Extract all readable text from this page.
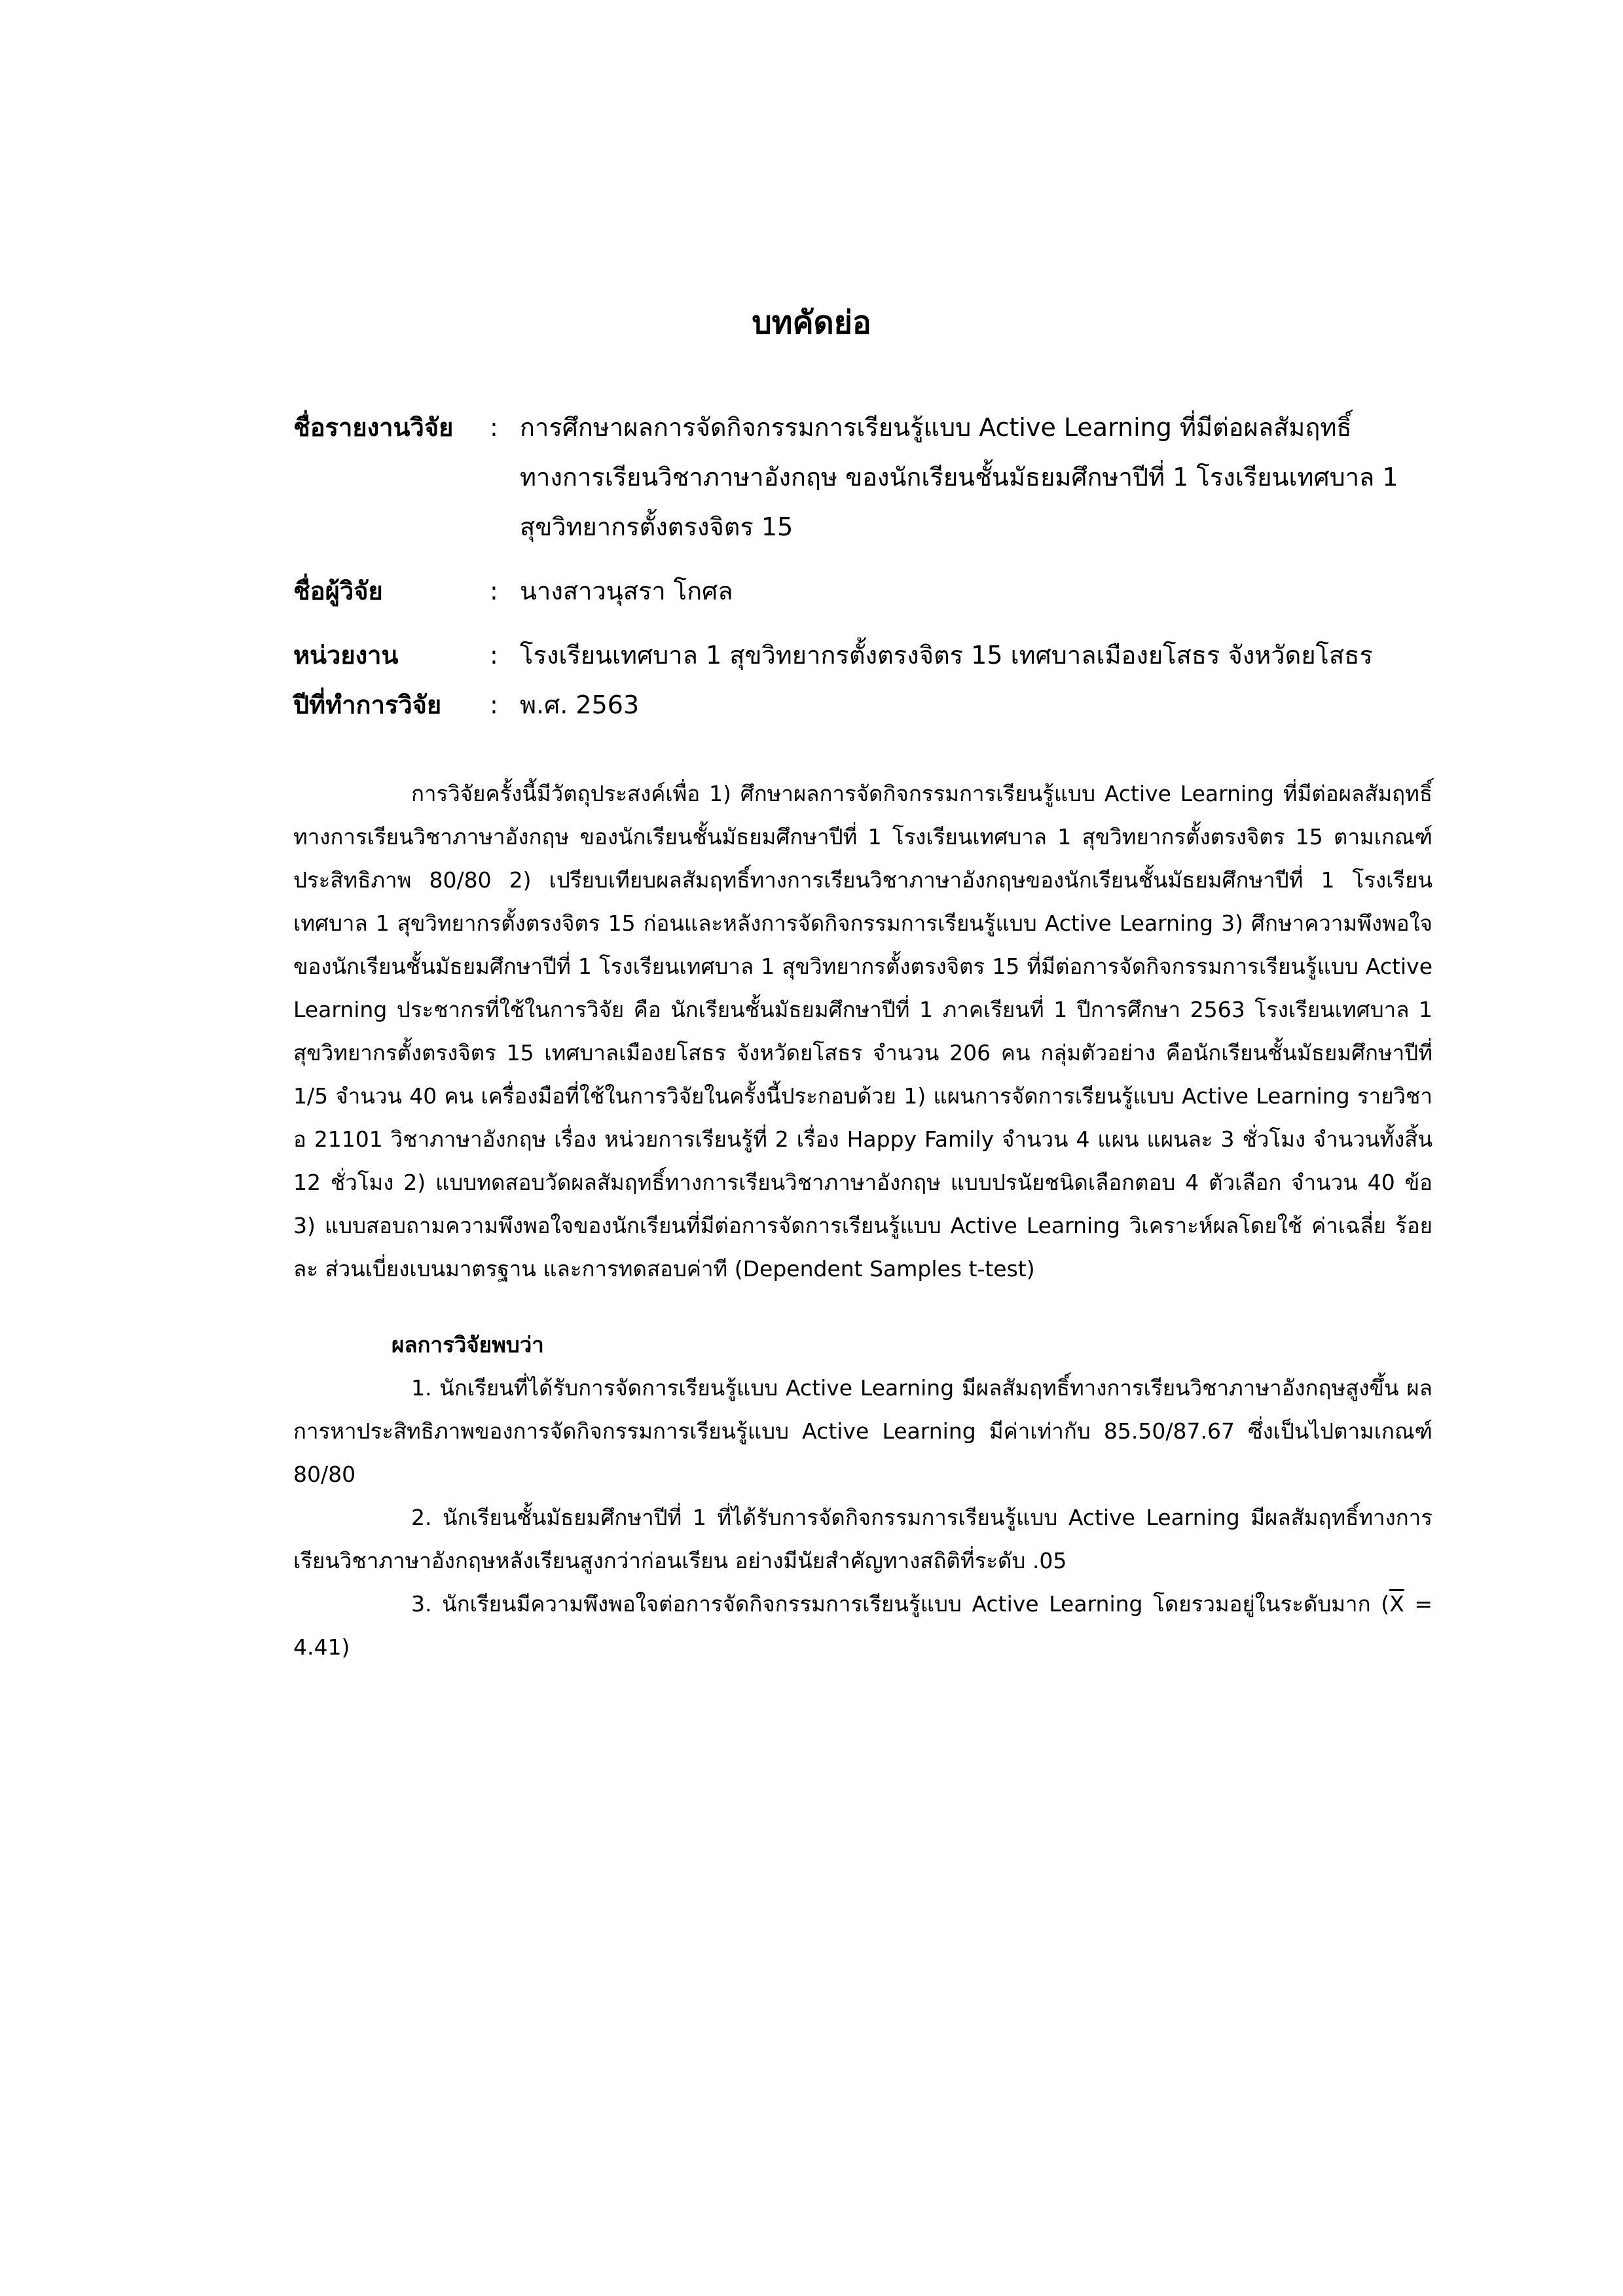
บทคัดย่อ
ชื่อรายงานวิจัย	: การศึกษาผลการจัดกิจกรรมการเรียนรู้แบบ Active Learning ที่มีต่อผลสัมฤทธิ์ทางการเรียนวิชาภาษาอังกฤษ ของนักเรียนชั้นมัธยมศึกษาปีที่ 1 โรงเรียนเทศบาล 1 สุขวิทยากรตั้งตรงจิตร 15
ชื่อผู้วิจัย	: นางสาวนุสรา โกศล
หน่วยงาน	: โรงเรียนเทศบาล 1 สุขวิทยากรตั้งตรงจิตร 15 เทศบาลเมืองยโสธร จังหวัดยโสธร
ปีที่ทำการวิจัย	: พ.ศ. 2563

การวิจัยครั้งนี้มีวัตถุประสงค์เพื่อ 1) ศึกษาผลการจัดกิจกรรมการเรียนรู้แบบ Active Learning ที่มีต่อผลสัมฤทธิ์ทางการเรียนวิชาภาษาอังกฤษ ของนักเรียนชั้นมัธยมศึกษาปีที่ 1 โรงเรียนเทศบาล 1 สุขวิทยากรตั้งตรงจิตร 15 ตามเกณฑ์ประสิทธิภาพ 80/80 2) เปรียบเทียบผลสัมฤทธิ์ทางการเรียนวิชาภาษาอังกฤษของนักเรียนชั้นมัธยมศึกษาปีที่ 1 โรงเรียนเทศบาล 1 สุขวิทยากรตั้งตรงจิตร 15 ก่อนและหลังการจัดกิจกรรมการเรียนรู้แบบ Active Learning 3) ศึกษาความพึงพอใจของนักเรียนชั้นมัธยมศึกษาปีที่ 1 โรงเรียนเทศบาล 1 สุขวิทยากรตั้งตรงจิตร 15 ที่มีต่อการจัดกิจกรรมการเรียนรู้แบบ Active Learning ประชากรที่ใช้ในการวิจัย คือ นักเรียนชั้นมัธยมศึกษาปีที่ 1 ภาคเรียนที่ 1 ปีการศึกษา 2563 โรงเรียนเทศบาล 1 สุขวิทยากรตั้งตรงจิตร 15 เทศบาลเมืองยโสธร จังหวัดยโสธร จำนวน 206 คน กลุ่มตัวอย่าง คือนักเรียนชั้นมัธยมศึกษาปีที่ 1/5 จำนวน 40 คน เครื่องมือที่ใช้ในการวิจัยในครั้งนี้ประกอบด้วย 1) แผนการจัดการเรียนรู้แบบ Active Learning รายวิชา อ 21101 วิชาภาษาอังกฤษ เรื่อง หน่วยการเรียนรู้ที่ 2 เรื่อง Happy Family จำนวน 4 แผน แผนละ 3 ชั่วโมง จำนวนทั้งสิ้น 12 ชั่วโมง 2) แบบทดสอบวัดผลสัมฤทธิ์ทางการเรียนวิชาภาษาอังกฤษ แบบปรนัยชนิดเลือกตอบ 4 ตัวเลือก จำนวน 40 ข้อ 3) แบบสอบถามความพึงพอใจของนักเรียนที่มีต่อการจัดการเรียนรู้แบบ Active Learning วิเคราะห์ผลโดยใช้ ค่าเฉลี่ย ร้อยละ ส่วนเบี่ยงเบนมาตรฐาน และการทดสอบค่าที (Dependent Samples t-test)

ผลการวิจัยพบว่า

1. นักเรียนที่ได้รับการจัดการเรียนรู้แบบ Active Learning มีผลสัมฤทธิ์ทางการเรียนวิชาภาษาอังกฤษสูงขึ้น ผลการหาประสิทธิภาพของการจัดกิจกรรมการเรียนรู้แบบ Active Learning มีค่าเท่ากับ 85.50/87.67 ซึ่งเป็นไปตามเกณฑ์ 80/80

2. นักเรียนชั้นมัธยมศึกษาปีที่ 1 ที่ได้รับการจัดกิจกรรมการเรียนรู้แบบ Active Learning มีผลสัมฤทธิ์ทางการเรียนวิชาภาษาอังกฤษหลังเรียนสูงกว่าก่อนเรียน อย่างมีนัยสำคัญทางสถิติที่ระดับ .05

3. นักเรียนมีความพึงพอใจต่อการจัดกิจกรรมการเรียนรู้แบบ Active Learning โดยรวมอยู่ในระดับมาก $(\overline{X} = 4.41)$
